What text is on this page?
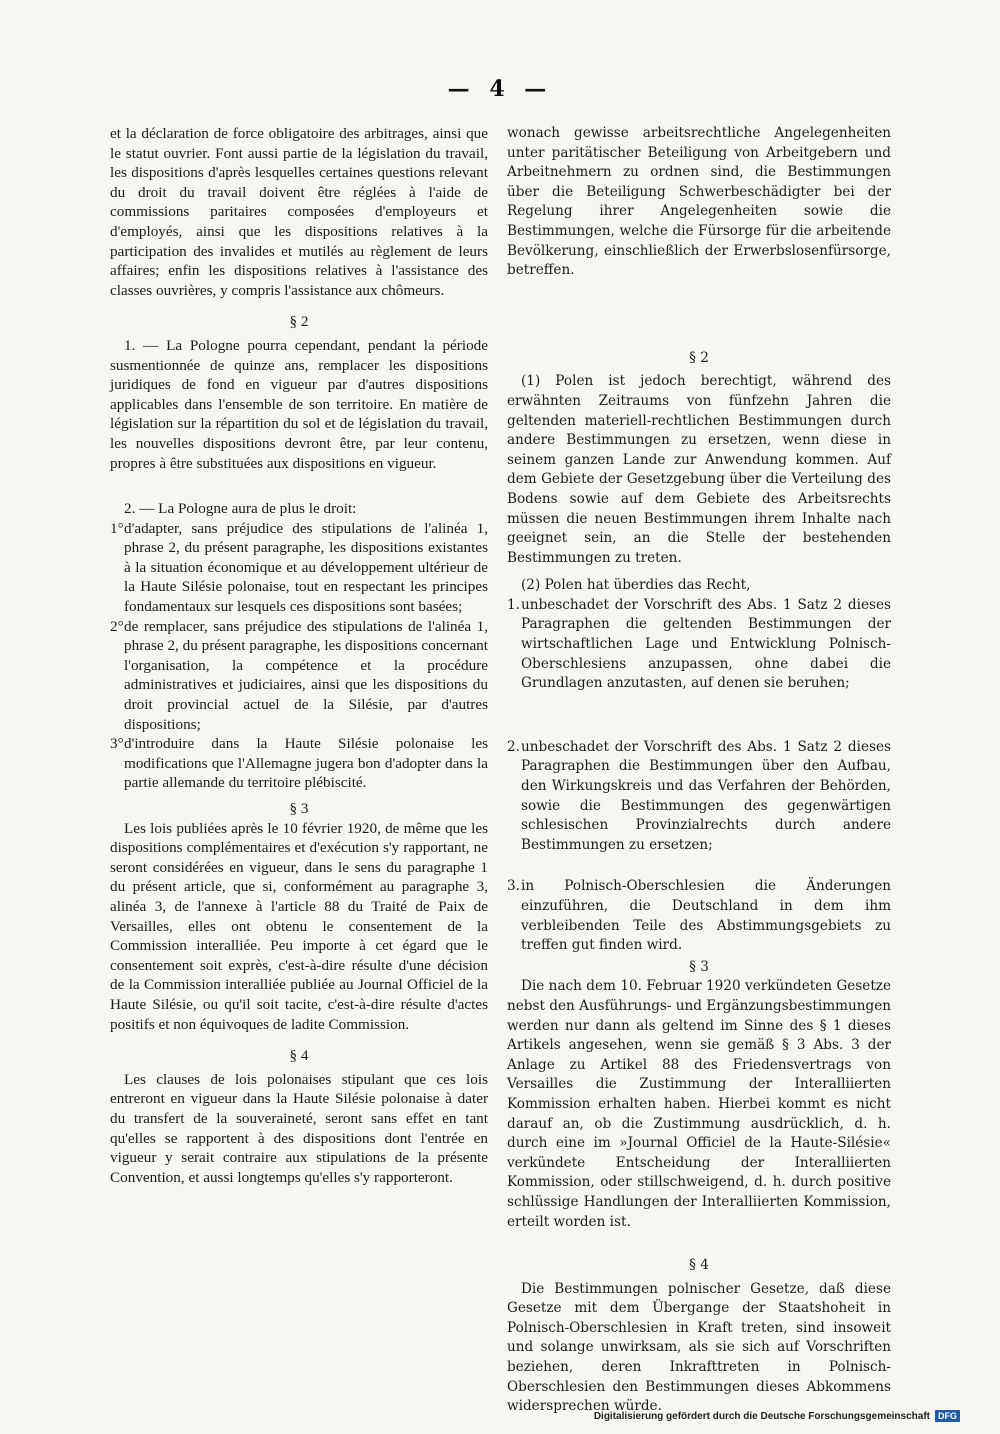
— 4 —

et la déclaration de force obligatoire des arbitrages, ainsi que le statut ouvrier. Font aussi partie de la législation du travail, les dispositions d'après lesquelles certaines questions relevant du droit du travail doivent être réglées à l'aide de commissions paritaires composées d'employeurs et d'employés, ainsi que les dispositions relatives à la participation des invalides et mutilés au règlement de leurs affaires; enfin les dispositions relatives à l'assistance des classes ouvrières, y compris l'assistance aux chômeurs.

§ 2

1. — La Pologne pourra cependant, pendant la période susmentionnée de quinze ans, remplacer les dispositions juridiques de fond en vigueur par d'autres dispositions applicables dans l'ensemble de son territoire. En matière de législation sur la répartition du sol et de législation du travail, les nouvelles dispositions devront être, par leur contenu, propres à être substituées aux dispositions en vigueur.

2. — La Pologne aura de plus le droit:

1° d'adapter, sans préjudice des stipulations de l'alinéa 1, phrase 2, du présent paragraphe, les dispositions existantes à la situation économique et au développement ultérieur de la Haute Silésie polonaise, tout en respectant les principes fondamentaux sur lesquels ces dispositions sont basées;

2° de remplacer, sans préjudice des stipulations de l'alinéa 1, phrase 2, du présent paragraphe, les dispositions concernant l'organisation, la compétence et la procédure administratives et judiciaires, ainsi que les dispositions du droit provincial actuel de la Silésie, par d'autres dispositions;

3° d'introduire dans la Haute Silésie polonaise les modifications que l'Allemagne jugera bon d'adopter dans la partie allemande du territoire plébiscité.

§ 3

Les lois publiées après le 10 février 1920, de même que les dispositions complémentaires et d'exécution s'y rapportant, ne seront considérées en vigueur, dans le sens du paragraphe 1 du présent article, que si, conformément au paragraphe 3, alinéa 3, de l'annexe à l'article 88 du Traité de Paix de Versailles, elles ont obtenu le consentement de la Commission interalliée. Peu importe à cet égard que le consentement soit exprès, c'est-à-dire résulte d'une décision de la Commission interalliée publiée au Journal Officiel de la Haute Silésie, ou qu'il soit tacite, c'est-à-dire résulte d'actes positifs et non équivoques de ladite Commission.

§ 4

Les clauses de lois polonaises stipulant que ces lois entreront en vigueur dans la Haute Silésie polonaise à dater du transfert de la souveraineté, seront sans effet en tant qu'elles se rapportent à des dispositions dont l'entrée en vigueur y serait contraire aux stipulations de la présente Convention, et aussi longtemps qu'elles s'y rapporteront.

wonach gewisse arbeitsrechtliche Angelegenheiten unter paritätischer Beteiligung von Arbeitgebern und Arbeitnehmern zu ordnen sind, die Bestimmungen über die Beteiligung Schwerbeschädigter bei der Regelung ihrer Angelegenheiten sowie die Bestimmungen, welche die Fürsorge für die arbeitende Bevölkerung, einschließlich der Erwerbslosenfürsorge, betreffen.

§ 2

(1) Polen ist jedoch berechtigt, während des erwähnten Zeitraums von fünfzehn Jahren die geltenden materiell-rechtlichen Bestimmungen durch andere Bestimmungen zu ersetzen, wenn diese in seinem ganzen Lande zur Anwendung kommen. Auf dem Gebiete der Gesetzgebung über die Verteilung des Bodens sowie auf dem Gebiete des Arbeitsrechts müssen die neuen Bestimmungen ihrem Inhalte nach geeignet sein, an die Stelle der bestehenden Bestimmungen zu treten.

(2) Polen hat überdies das Recht,

1. unbeschadet der Vorschrift des Abs. 1 Satz 2 dieses Paragraphen die geltenden Bestimmungen der wirtschaftlichen Lage und Entwicklung Polnisch-Oberschlesiens anzupassen, ohne dabei die Grundlagen anzutasten, auf denen sie beruhen;

2. unbeschadet der Vorschrift des Abs. 1 Satz 2 dieses Paragraphen die Bestimmungen über den Aufbau, den Wirkungskreis und das Verfahren der Behörden, sowie die Bestimmungen des gegenwärtigen schlesischen Provinzialrechts durch andere Bestimmungen zu ersetzen;

3. in Polnisch-Oberschlesien die Änderungen einzuführen, die Deutschland in dem ihm verbleibenden Teile des Abstimmungsgebiets zu treffen gut finden wird.

§ 3

Die nach dem 10. Februar 1920 verkündeten Gesetze nebst den Ausführungs- und Ergänzungsbestimmungen werden nur dann als geltend im Sinne des § 1 dieses Artikels angesehen, wenn sie gemäß § 3 Abs. 3 der Anlage zu Artikel 88 des Friedensvertrags von Versailles die Zustimmung der Interalliierten Kommission erhalten haben. Hierbei kommt es nicht darauf an, ob die Zustimmung ausdrücklich, d. h. durch eine im »Journal Officiel de la Haute-Silésie« verkündete Entscheidung der Interalliierten Kommission, oder stillschweigend, d. h. durch positive schlüssige Handlungen der Interalliierten Kommission, erteilt worden ist.

§ 4

Die Bestimmungen polnischer Gesetze, daß diese Gesetze mit dem Übergange der Staatshoheit in Polnisch-Oberschlesien in Kraft treten, sind insoweit und solange unwirksam, als sie sich auf Vorschriften beziehen, deren Inkrafttreten in Polnisch-Oberschlesien den Bestimmungen dieses Abkommens widersprechen würde.

Digitalisierung gefördert durch die Deutsche Forschungsgemeinschaft DFG
